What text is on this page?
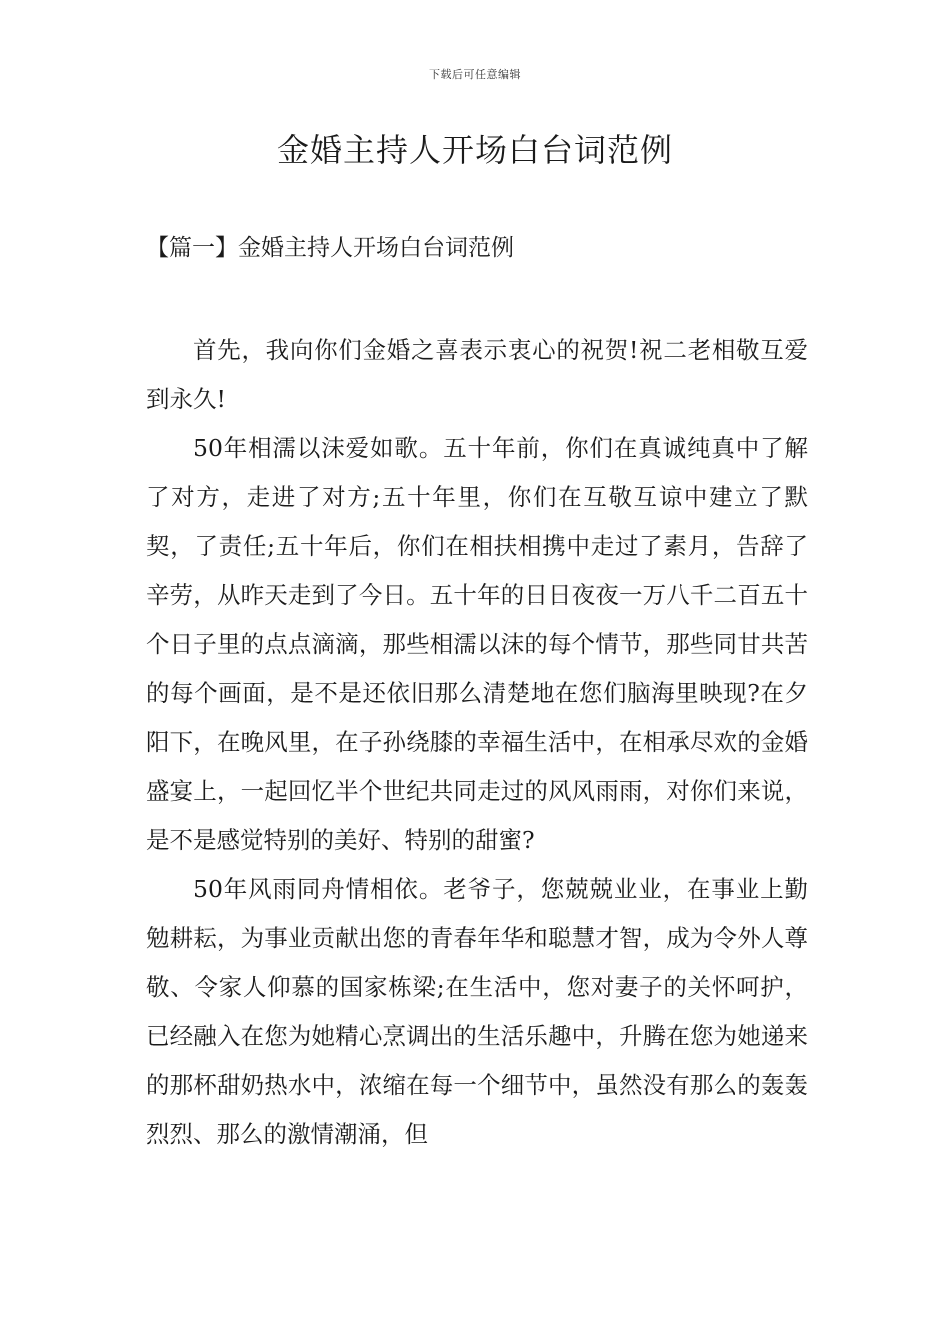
下载后可任意编辑
金婚主持人开场白台词范例
【篇一】金婚主持人开场白台词范例

首先，我向你们金婚之喜表示衷心的祝贺!祝二老相敬互爱到永久!

50年相濡以沫爱如歌。五十年前，你们在真诚纯真中了解了对方，走进了对方;五十年里，你们在互敬互谅中建立了默契，了责任;五十年后，你们在相扶相携中走过了素月，告辞了辛劳，从昨天走到了今日。五十年的日日夜夜一万八千二百五十个日子里的点点滴滴，那些相濡以沫的每个情节，那些同甘共苦的每个画面，是不是还依旧那么清楚地在您们脑海里映现?在夕阳下，在晚风里，在子孙绕膝的幸福生活中，在相承尽欢的金婚盛宴上，一起回忆半个世纪共同走过的风风雨雨，对你们来说，是不是感觉特别的美好、特别的甜蜜?

50年风雨同舟情相依。老爷子，您兢兢业业，在事业上勤勉耕耘，为事业贡献出您的青春年华和聪慧才智，成为令外人尊敬、令家人仰慕的国家栋梁;在生活中，您对妻子的关怀呵护，已经融入在您为她精心烹调出的生活乐趣中，升腾在您为她递来的那杯甜奶热水中，浓缩在每一个细节中，虽然没有那么的轰轰烈烈、那么的激情潮涌，但
